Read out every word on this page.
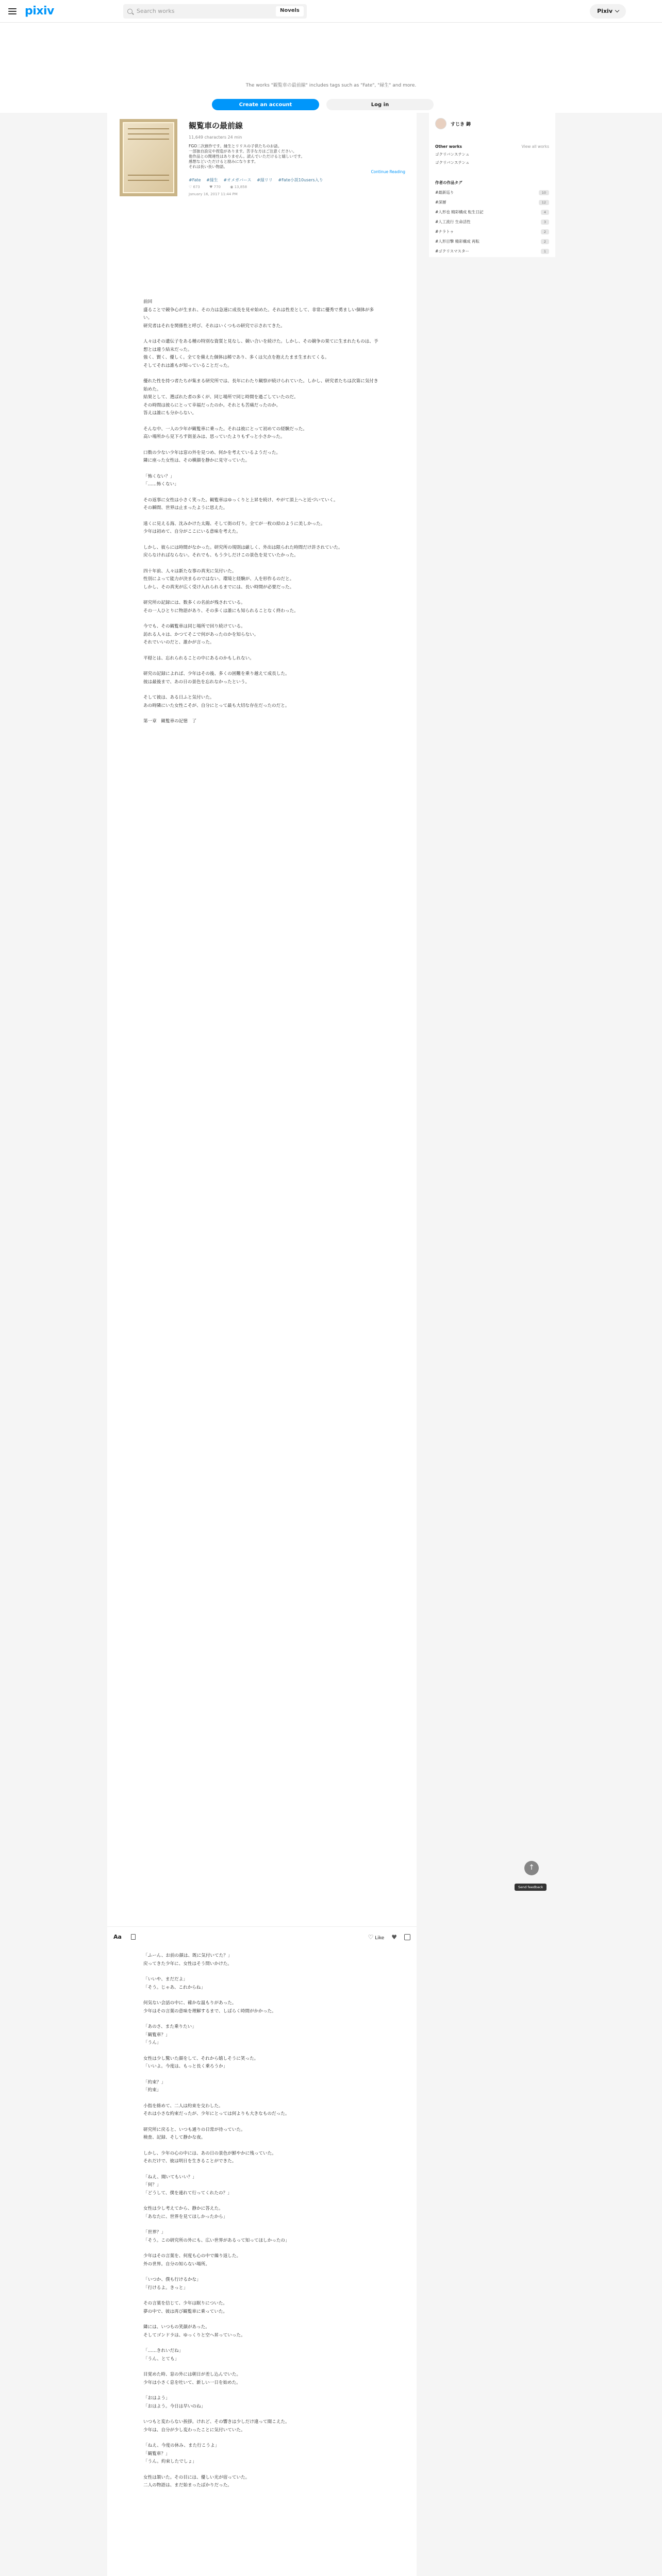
pixiv	Search works	Novels	Pixiv

The works "観覧車の最前線" includes tags such as "Fate", "縁生" and more.

Create an account	Log in
観覧車の最前線
11,649 characters 24 min
FGO二次創作です。縁生とリリスの子供たちのお話。
一部独自設定や捏造があります。苦手な方はご注意ください。
他作品との関連性はありません。読んでいただけると嬉しいです。
感想などいただけると励みになります。
それは長い長い物語。
Continue Reading
#Fate #縁生 #オメガバース #縁リリ #Fate小説10users入り
♡ 673	♥ 770	◉ 13,858
January 16, 2017 11:44 PM

前回

盛ることで競争心が生まれ、その力は急速に成長を見せ始めた。それは性差として、非常に優秀で勇ましい個体が多い。

研究者はそれを関係性と呼び、それはいくつもの研究で示されてきた。

人々はその遺伝子をある種の特別な資質と見なし、競い合いを続けた。しかし、その競争の果てに生まれたものは、予想とは違う結末だった。

強く、賢く、優しく。全てを備えた個体は稀であり、多くは欠点を抱えたまま生まれてくる。

そしてそれは誰もが知っていることだった。

優れた性を持つ者たちが集まる研究所では、長年にわたり観察が続けられていた。しかし、研究者たちは次第に気付き始めた。

結果として、選ばれた者の多くが、同じ場所で同じ時間を過ごしていたのだ。

その時間は彼らにとって幸福だったのか。それとも苦痛だったのか。

答えは誰にも分からない。

そんな中、一人の少年が観覧車に乗った。それは彼にとって初めての経験だった。

高い場所から見下ろす街並みは、思っていたよりもずっと小さかった。

口数の少ない少年は窓の外を見つめ、何かを考えているようだった。

隣に座った女性は、その横顔を静かに見守っていた。

「怖くない？」

「……怖くない」

その返事に女性は小さく笑った。観覧車はゆっくりと上昇を続け、やがて頂上へと近づいていく。

その瞬間、世界は止まったように思えた。

遠くに見える海、沈みかけた太陽、そして街の灯り。全てが一枚の絵のように美しかった。

少年は初めて、自分がここにいる意味を考えた。

しかし、彼らには時間がなかった。研究所の規則は厳しく、外出は限られた時間だけ許されていた。

戻らなければならない。それでも、もう少しだけこの景色を見ていたかった。

四十年前、人々は新たな事の真実に気付いた。

性別によって能力が決まるのではない。環境と経験が、人を形作るのだと。

しかし、その真実が広く受け入れられるまでには、長い時間が必要だった。

研究所の記録には、数多くの名前が残されている。

その一人ひとりに物語があり、その多くは誰にも知られることなく終わった。

今でも、その観覧車は同じ場所で回り続けている。

訪れる人々は、かつてそこで何があったのかを知らない。

それでいいのだと、誰かが言った。

平穏とは、忘れられることの中にあるのかもしれない。

研究の記録によれば、少年はその後、多くの困難を乗り越えて成長した。

彼は最後まで、あの日の景色を忘れなかったという。

そして彼は、ある日ふと気付いた。

あの時隣にいた女性こそが、自分にとって最も大切な存在だったのだと。

第一章　観覧車の記憶　了

すじき 鋳
Other works	View all works
ゴクリバンステンュ
ゴクリバンステンュ
作者の作品タグ
#最新巡り	10
#深層	12
#人形也 精彩構成 転生日記	4
#人工流行 生命活性	3
#ナラトゥ	2
#人形目撃 精彩構成 再転	2
#ゴクリスマスター	1
↑
Send feedback
Aa	♡ Like ♥

「ふーん、お前の顔は、既に気付いてた？」

戻ってきた少年に、女性はそう問いかけた。

「いいや、まだだよ」

「そう。じゃあ、これからね」

何気ない会話の中に、確かな温もりがあった。

少年はその言葉の意味を理解するまで、しばらく時間がかかった。

「あのさ、また乗りたい」

「観覧車？」

「うん」

女性は少し驚いた顔をして、それから嬉しそうに笑った。

「いいよ。今度は、もっと長く乗ろうか」

「約束？」

「約束」

小指を絡めて、二人は約束を交わした。

それは小さな約束だったが、少年にとっては何よりも大きなものだった。

研究所に戻ると、いつも通りの日常が待っていた。

検査、記録、そして静かな夜。

しかし、少年の心の中には、あの日の景色が鮮やかに残っていた。

それだけで、彼は明日を生きることができた。

「ねえ、聞いてもいい？」

「何？」

「どうして、僕を連れて行ってくれたの？」

女性は少し考えてから、静かに答えた。

「あなたに、世界を見てほしかったから」

「世界？」

「そう。この研究所の外にも、広い世界があるって知ってほしかったの」

少年はその言葉を、何度も心の中で繰り返した。

外の世界。自分の知らない場所。

「いつか、僕も行けるかな」

「行けるよ。きっと」

その言葉を信じて、少年は眠りについた。

夢の中で、彼は再び観覧車に乗っていた。

隣には、いつもの笑顔があった。

そしてゴンドラは、ゆっくりと空へ昇っていった。

「……きれいだね」

「うん、とても」

目覚めた時、窓の外には朝日が差し込んでいた。

少年は小さく息を吐いて、新しい一日を始めた。

「おはよう」

「おはよう。今日は早いのね」

いつもと変わらない挨拶。けれど、その響きは少しだけ違って聞こえた。

少年は、自分が少し変わったことに気付いていた。

「ねえ、今度の休み、また行こうよ」

「観覧車？」

「うん。約束したでしょ」

女性は頷いた。その目には、優しい光が宿っていた。

二人の物語は、まだ始まったばかりだった。
